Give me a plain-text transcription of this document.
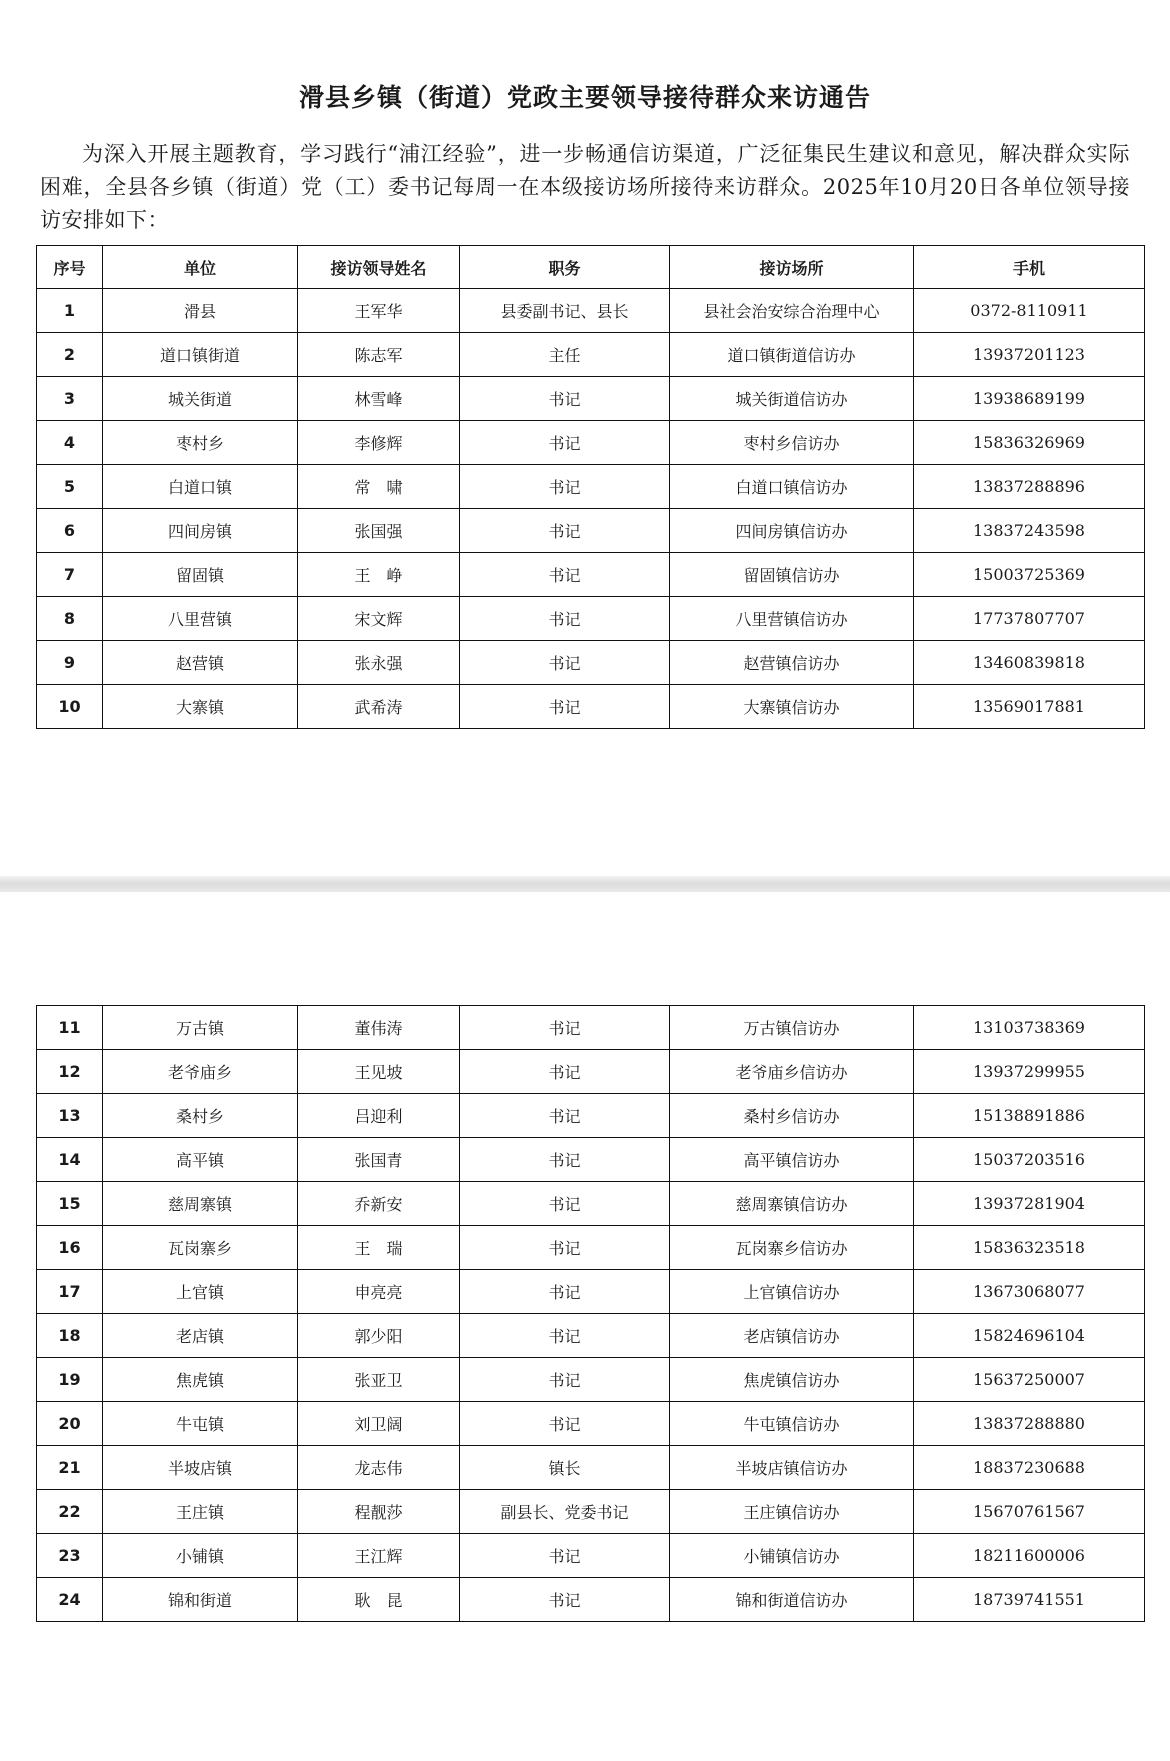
滑县乡镇（街道）党政主要领导接待群众来访通告
为深入开展主题教育，学习践行“浦江经验”，进一步畅通信访渠道，广泛征集民生建议和意见，解决群众实际困难，全县各乡镇（街道）党（工）委书记每周一在本级接访场所接待来访群众。2025年10月20日各单位领导接访安排如下：
序号	单位	接访领导姓名	职务	接访场所	手机
1	滑县	王军华	县委副书记、县长	县社会治安综合治理中心	0372-8110911
2	道口镇街道	陈志军	主任	道口镇街道信访办	13937201123
3	城关街道	林雪峰	书记	城关街道信访办	13938689199
4	枣村乡	李修辉	书记	枣村乡信访办	15836326969
5	白道口镇	常　啸	书记	白道口镇信访办	13837288896
6	四间房镇	张国强	书记	四间房镇信访办	13837243598
7	留固镇	王　峥	书记	留固镇信访办	15003725369
8	八里营镇	宋文辉	书记	八里营镇信访办	17737807707
9	赵营镇	张永强	书记	赵营镇信访办	13460839818
10	大寨镇	武希涛	书记	大寨镇信访办	13569017881
11	万古镇	董伟涛	书记	万古镇信访办	13103738369
12	老爷庙乡	王见坡	书记	老爷庙乡信访办	13937299955
13	桑村乡	吕迎利	书记	桑村乡信访办	15138891886
14	高平镇	张国青	书记	高平镇信访办	15037203516
15	慈周寨镇	乔新安	书记	慈周寨镇信访办	13937281904
16	瓦岗寨乡	王　瑞	书记	瓦岗寨乡信访办	15836323518
17	上官镇	申亮亮	书记	上官镇信访办	13673068077
18	老店镇	郭少阳	书记	老店镇信访办	15824696104
19	焦虎镇	张亚卫	书记	焦虎镇信访办	15637250007
20	牛屯镇	刘卫阔	书记	牛屯镇信访办	13837288880
21	半坡店镇	龙志伟	镇长	半坡店镇信访办	18837230688
22	王庄镇	程靓莎	副县长、党委书记	王庄镇信访办	15670761567
23	小铺镇	王江辉	书记	小铺镇信访办	18211600006
24	锦和街道	耿　昆	书记	锦和街道信访办	18739741551
